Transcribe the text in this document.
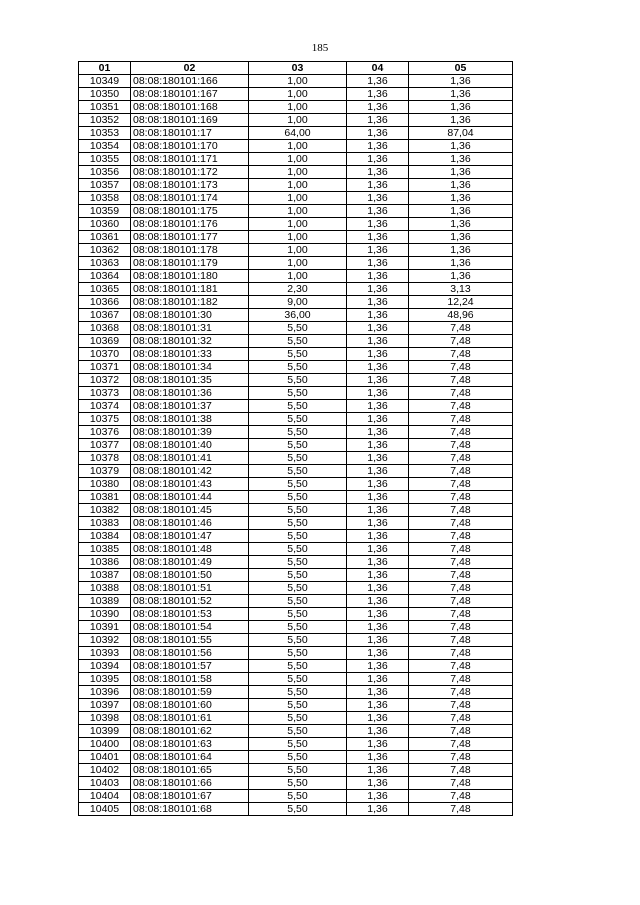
185
01	02	03	04	05
10349	08:08:180101:166	1,00	1,36	1,36
10350	08:08:180101:167	1,00	1,36	1,36
10351	08:08:180101:168	1,00	1,36	1,36
10352	08:08:180101:169	1,00	1,36	1,36
10353	08:08:180101:17	64,00	1,36	87,04
10354	08:08:180101:170	1,00	1,36	1,36
10355	08:08:180101:171	1,00	1,36	1,36
10356	08:08:180101:172	1,00	1,36	1,36
10357	08:08:180101:173	1,00	1,36	1,36
10358	08:08:180101:174	1,00	1,36	1,36
10359	08:08:180101:175	1,00	1,36	1,36
10360	08:08:180101:176	1,00	1,36	1,36
10361	08:08:180101:177	1,00	1,36	1,36
10362	08:08:180101:178	1,00	1,36	1,36
10363	08:08:180101:179	1,00	1,36	1,36
10364	08:08:180101:180	1,00	1,36	1,36
10365	08:08:180101:181	2,30	1,36	3,13
10366	08:08:180101:182	9,00	1,36	12,24
10367	08:08:180101:30	36,00	1,36	48,96
10368	08:08:180101:31	5,50	1,36	7,48
10369	08:08:180101:32	5,50	1,36	7,48
10370	08:08:180101:33	5,50	1,36	7,48
10371	08:08:180101:34	5,50	1,36	7,48
10372	08:08:180101:35	5,50	1,36	7,48
10373	08:08:180101:36	5,50	1,36	7,48
10374	08:08:180101:37	5,50	1,36	7,48
10375	08:08:180101:38	5,50	1,36	7,48
10376	08:08:180101:39	5,50	1,36	7,48
10377	08:08:180101:40	5,50	1,36	7,48
10378	08:08:180101:41	5,50	1,36	7,48
10379	08:08:180101:42	5,50	1,36	7,48
10380	08:08:180101:43	5,50	1,36	7,48
10381	08:08:180101:44	5,50	1,36	7,48
10382	08:08:180101:45	5,50	1,36	7,48
10383	08:08:180101:46	5,50	1,36	7,48
10384	08:08:180101:47	5,50	1,36	7,48
10385	08:08:180101:48	5,50	1,36	7,48
10386	08:08:180101:49	5,50	1,36	7,48
10387	08:08:180101:50	5,50	1,36	7,48
10388	08:08:180101:51	5,50	1,36	7,48
10389	08:08:180101:52	5,50	1,36	7,48
10390	08:08:180101:53	5,50	1,36	7,48
10391	08:08:180101:54	5,50	1,36	7,48
10392	08:08:180101:55	5,50	1,36	7,48
10393	08:08:180101:56	5,50	1,36	7,48
10394	08:08:180101:57	5,50	1,36	7,48
10395	08:08:180101:58	5,50	1,36	7,48
10396	08:08:180101:59	5,50	1,36	7,48
10397	08:08:180101:60	5,50	1,36	7,48
10398	08:08:180101:61	5,50	1,36	7,48
10399	08:08:180101:62	5,50	1,36	7,48
10400	08:08:180101:63	5,50	1,36	7,48
10401	08:08:180101:64	5,50	1,36	7,48
10402	08:08:180101:65	5,50	1,36	7,48
10403	08:08:180101:66	5,50	1,36	7,48
10404	08:08:180101:67	5,50	1,36	7,48
10405	08:08:180101:68	5,50	1,36	7,48
